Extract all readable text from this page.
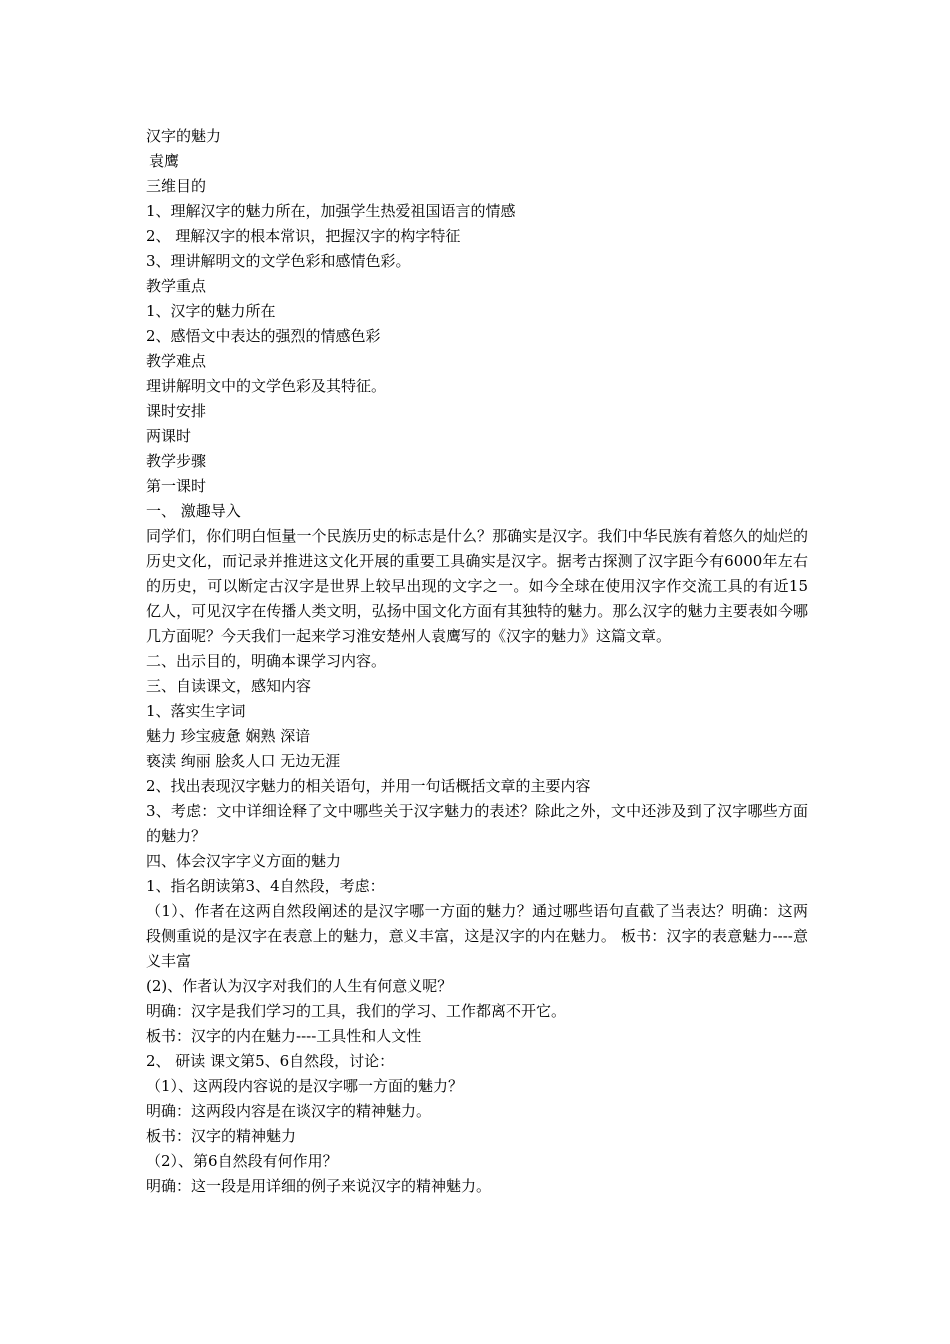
汉字的魅力

袁鹰

三维目的

1、理解汉字的魅力所在，加强学生热爱祖国语言的情感

2、 理解汉字的根本常识，把握汉字的构字特征

3、理讲解明文的文学色彩和感情色彩。

教学重点

1、汉字的魅力所在

2、感悟文中表达的强烈的情感色彩

教学难点

理讲解明文中的文学色彩及其特征。

课时安排

两课时

教学步骤

第一课时

一、 激趣导入

同学们，你们明白恒量一个民族历史的标志是什么？那确实是汉字。我们中华民族有着悠久的灿烂的历史文化，而记录并推进这文化开展的重要工具确实是汉字。据考古探测了汉字距今有6000年左右的历史，可以断定古汉字是世界上较早出现的文字之一。如今全球在使用汉字作交流工具的有近15亿人，可见汉字在传播人类文明，弘扬中国文化方面有其独特的魅力。那么汉字的魅力主要表如今哪几方面呢？今天我们一起来学习淮安楚州人袁鹰写的《汉字的魅力》这篇文章。

二、出示目的，明确本课学习内容。

三、自读课文，感知内容

1、落实生字词

魅力 珍宝疲惫 娴熟 深谙

亵渎 绚丽 脍炙人口 无边无涯

2、找出表现汉字魅力的相关语句，并用一句话概括文章的主要内容

3、考虑：文中详细诠释了文中哪些关于汉字魅力的表述？除此之外，文中还涉及到了汉字哪些方面的魅力？

四、体会汉字字义方面的魅力

1、指名朗读第3、4自然段，考虑：

（1）、作者在这两自然段阐述的是汉字哪一方面的魅力？通过哪些语句直截了当表达？明确：这两段侧重说的是汉字在表意上的魅力，意义丰富，这是汉字的内在魅力。 板书：汉字的表意魅力----意义丰富

(2)、作者认为汉字对我们的人生有何意义呢？

明确：汉字是我们学习的工具，我们的学习、工作都离不开它。

板书：汉字的内在魅力----工具性和人文性

2、 研读 课文第5、6自然段，讨论：

（1）、这两段内容说的是汉字哪一方面的魅力？

明确：这两段内容是在谈汉字的精神魅力。

板书：汉字的精神魅力

（2）、第6自然段有何作用？

明确：这一段是用详细的例子来说汉字的精神魅力。
